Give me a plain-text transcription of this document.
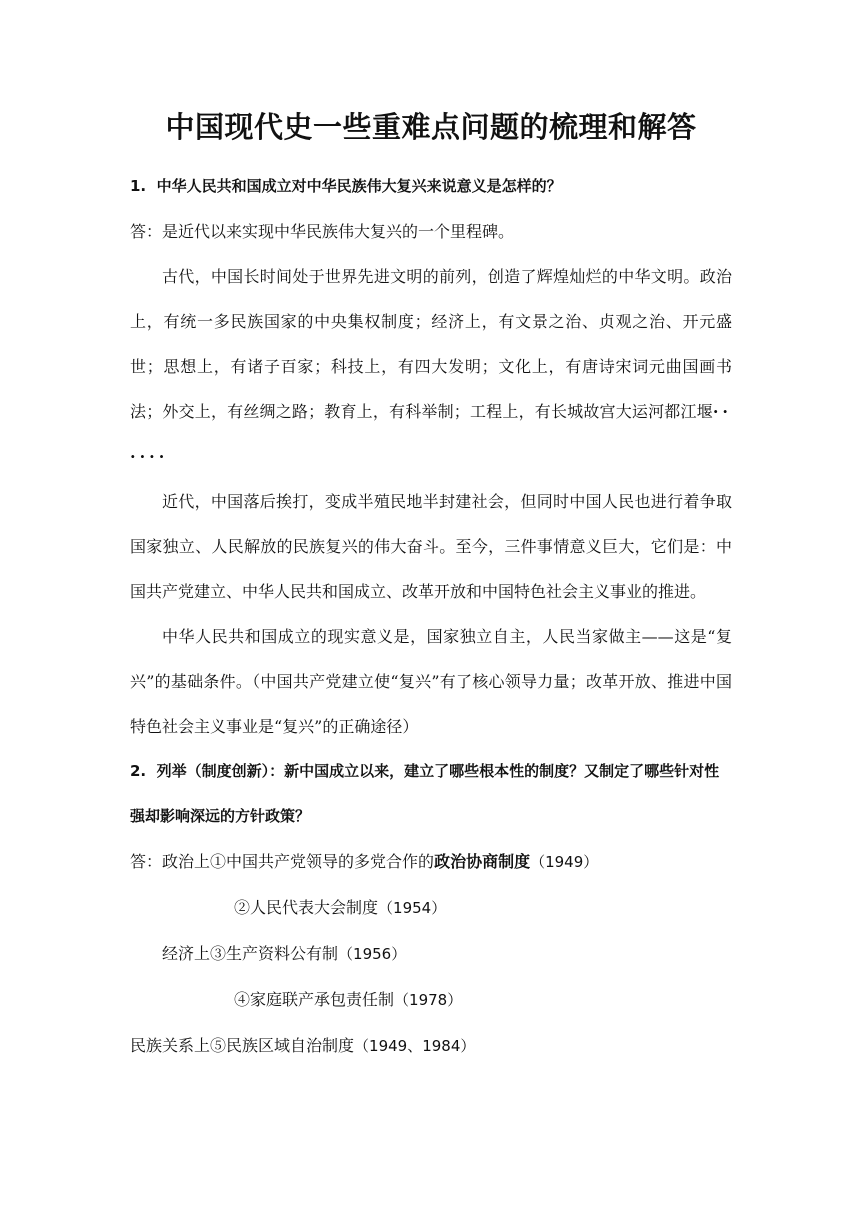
中国现代史一些重难点问题的梳理和解答

1. 中华人民共和国成立对中华民族伟大复兴来说意义是怎样的？

答：是近代以来实现中华民族伟大复兴的一个里程碑。

古代，中国长时间处于世界先进文明的前列，创造了辉煌灿烂的中华文明。政治上，有统一多民族国家的中央集权制度；经济上，有文景之治、贞观之治、开元盛世；思想上，有诸子百家；科技上，有四大发明；文化上，有唐诗宋词元曲国画书法；外交上，有丝绸之路；教育上，有科举制；工程上，有长城故宫大运河都江堰······

近代，中国落后挨打，变成半殖民地半封建社会，但同时中国人民也进行着争取国家独立、人民解放的民族复兴的伟大奋斗。至今，三件事情意义巨大，它们是：中国共产党建立、中华人民共和国成立、改革开放和中国特色社会主义事业的推进。

中华人民共和国成立的现实意义是，国家独立自主，人民当家做主——这是“复兴”的基础条件。（中国共产党建立使“复兴”有了核心领导力量；改革开放、推进中国特色社会主义事业是“复兴”的正确途径）

2. 列举（制度创新）：新中国成立以来，建立了哪些根本性的制度？又制定了哪些针对性强却影响深远的方针政策？

答：政治上①中国共产党领导的多党合作的政治协商制度（1949）

②人民代表大会制度（1954）

经济上③生产资料公有制（1956）

④家庭联产承包责任制（1978）

民族关系上⑤民族区域自治制度（1949、1984）
